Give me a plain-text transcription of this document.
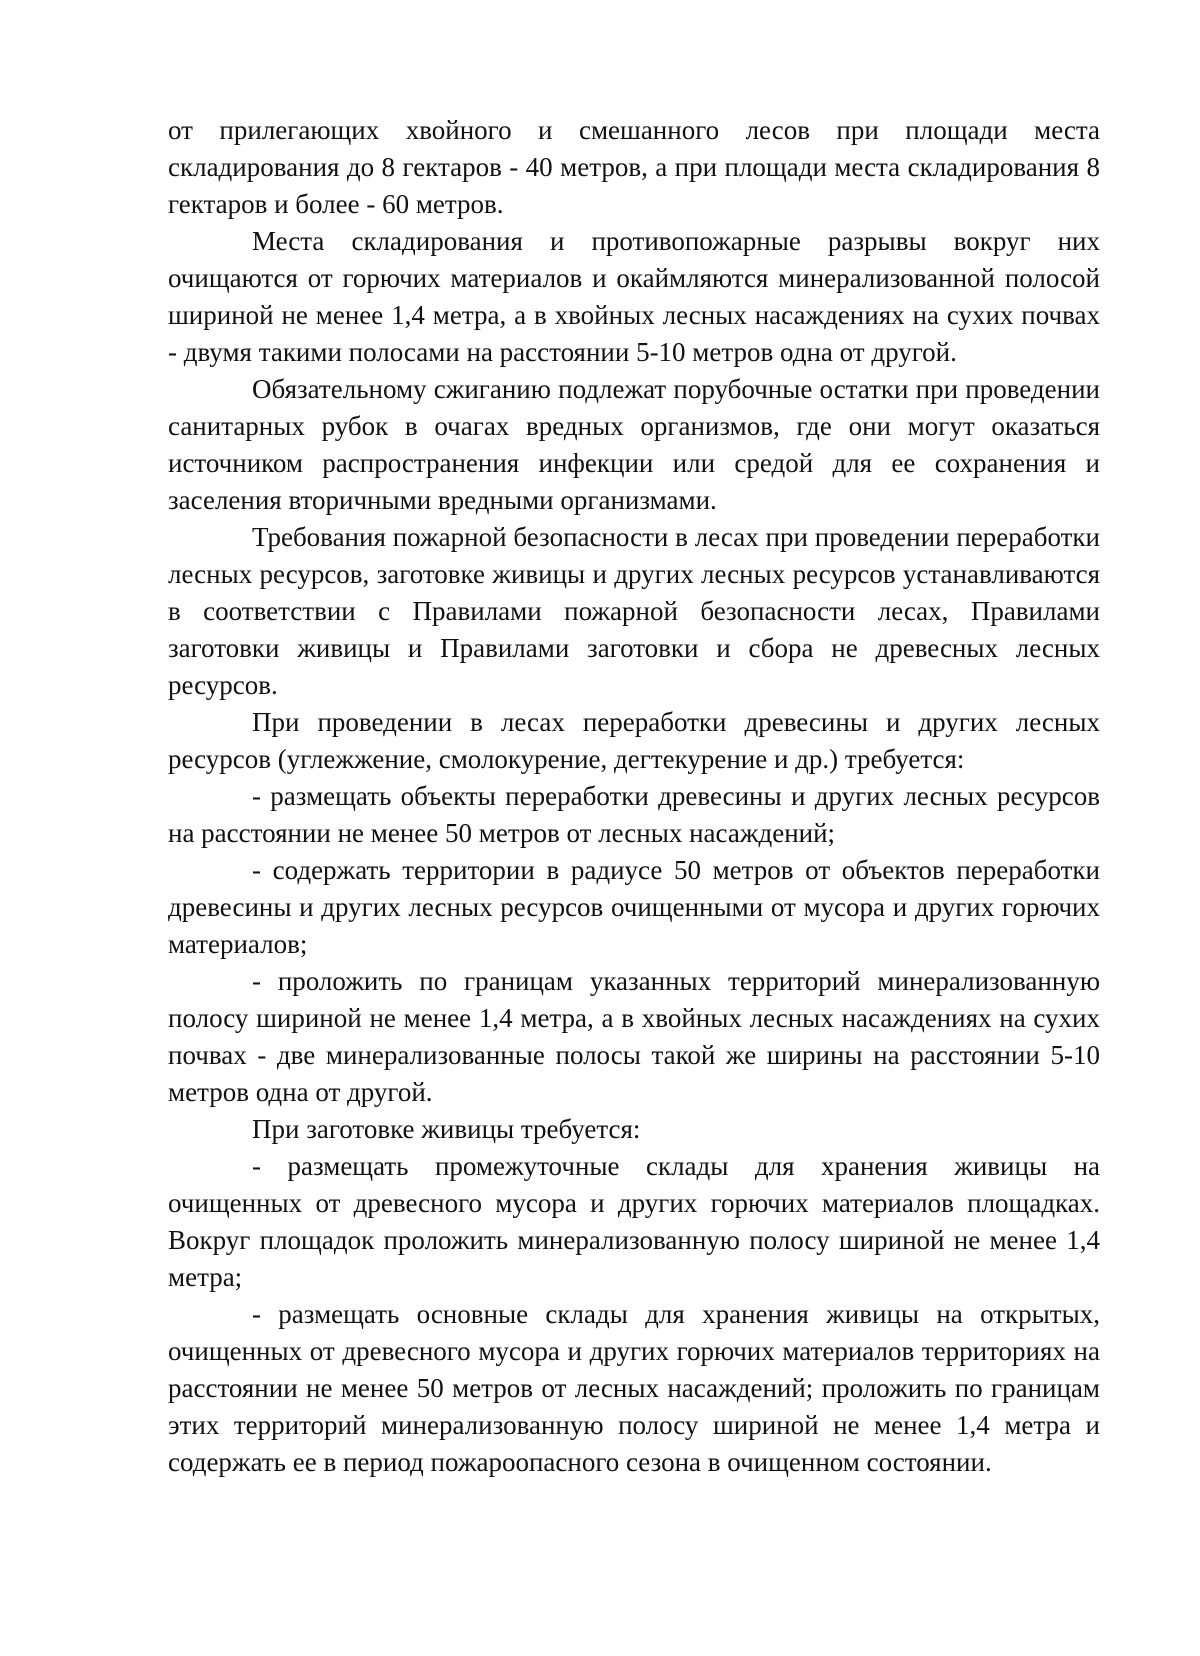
от прилегающих хвойного и смешанного лесов при площади места складирования до 8 гектаров - 40 метров, а при площади места складирования 8 гектаров и более - 60 метров.

Места складирования и противопожарные разрывы вокруг них очищаются от горючих материалов и окаймляются минерализованной полосой шириной не менее 1,4 метра, а в хвойных лесных насаждениях на сухих почвах - двумя такими полосами на расстоянии 5-10 метров одна от другой.

Обязательному сжиганию подлежат порубочные остатки при проведении санитарных рубок в очагах вредных организмов, где они могут оказаться источником распространения инфекции или средой для ее сохранения и заселения вторичными вредными организмами.

Требования пожарной безопасности в лесах при проведении переработки лесных ресурсов, заготовке живицы и других лесных ресурсов устанавливаются в соответствии с Правилами пожарной безопасности лесах, Правилами заготовки живицы и Правилами заготовки и сбора не древесных лесных ресурсов.

При проведении в лесах переработки древесины и других лесных ресурсов (углежжение, смолокурение, дегтекурение и др.) требуется:

- размещать объекты переработки древесины и других лесных ресурсов на расстоянии не менее 50 метров от лесных насаждений;

- содержать территории в радиусе 50 метров от объектов переработки древесины и других лесных ресурсов очищенными от мусора и других горючих материалов;

- проложить по границам указанных территорий минерализованную полосу шириной не менее 1,4 метра, а в хвойных лесных насаждениях на сухих почвах - две минерализованные полосы такой же ширины на расстоянии 5-10 метров одна от другой.

При заготовке живицы требуется:

- размещать промежуточные склады для хранения живицы на очищенных от древесного мусора и других горючих материалов площадках. Вокруг площадок проложить минерализованную полосу шириной не менее 1,4 метра;

- размещать основные склады для хранения живицы на открытых, очищенных от древесного мусора и других горючих материалов территориях на расстоянии не менее 50 метров от лесных насаждений; проложить по границам этих территорий минерализованную полосу шириной не менее 1,4 метра и содержать ее в период пожароопасного сезона в очищенном состоянии.
